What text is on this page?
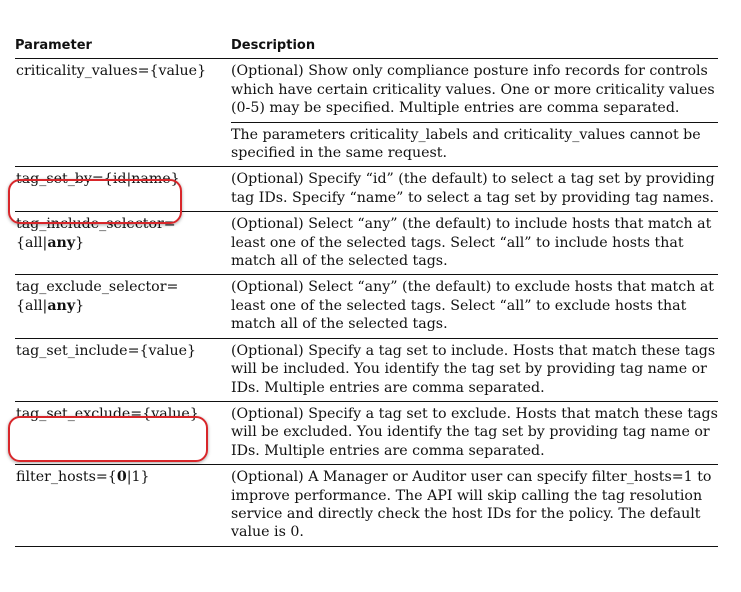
Parameter	Description
criticality_values={value}	(Optional) Show only compliance posture info records for controls which have certain criticality values. One or more criticality values (0-5) may be specified. Multiple entries are comma separated.
	The parameters criticality_labels and criticality_values cannot be specified in the same request.
tag_set_by={id|name}	(Optional) Specify “id” (the default) to select a tag set by providing tag IDs. Specify “name” to select a tag set by providing tag names.
tag_include_selector=
{all|any}	(Optional) Select “any” (the default) to include hosts that match at least one of the selected tags. Select “all” to include hosts that match all of the selected tags.
tag_exclude_selector=
{all|any}	(Optional) Select “any” (the default) to exclude hosts that match at least one of the selected tags. Select “all” to exclude hosts that match all of the selected tags.
tag_set_include={value}	(Optional) Specify a tag set to include. Hosts that match these tags will be included. You identify the tag set by providing tag name or IDs. Multiple entries are comma separated.
tag_set_exclude={value}	(Optional) Specify a tag set to exclude. Hosts that match these tags will be excluded. You identify the tag set by providing tag name or IDs. Multiple entries are comma separated.
filter_hosts={0|1}	(Optional) A Manager or Auditor user can specify filter_hosts=1 to improve performance. The API will skip calling the tag resolution service and directly check the host IDs for the policy. The default value is 0.
